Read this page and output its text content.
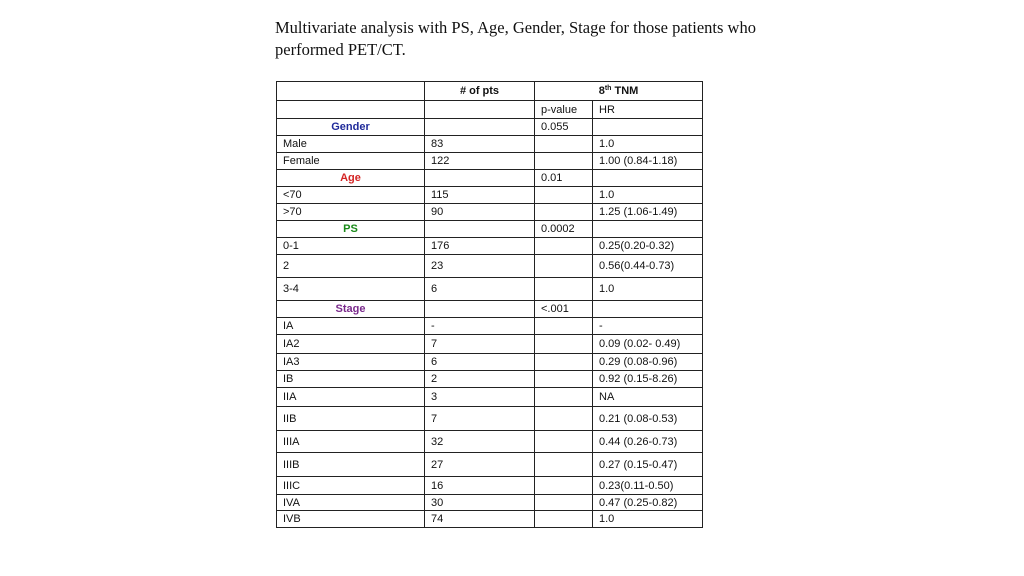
Multivariate analysis with PS, Age, Gender, Stage for those patients who performed PET/CT.
	# of pts	8th TNM	
		p-value	HR
Gender		0.055	
Male	83		1.0
Female	122		1.00 (0.84-1.18)
Age		0.01	
<70	115		1.0
>70	90		1.25 (1.06-1.49)
PS		0.0002	
0-1	176		0.25(0.20-0.32)
2	23		0.56(0.44-0.73)
3-4	6		1.0
Stage		<.001	
IA	-		-
IA2	7		0.09 (0.02- 0.49)
IA3	6		0.29 (0.08-0.96)
IB	2		0.92 (0.15-8.26)
IIA	3		NA
IIB	7		0.21 (0.08-0.53)
IIIA	32		0.44 (0.26-0.73)
IIIB	27		0.27 (0.15-0.47)
IIIC	16		0.23(0.11-0.50)
IVA	30		0.47 (0.25-0.82)
IVB	74		1.0
